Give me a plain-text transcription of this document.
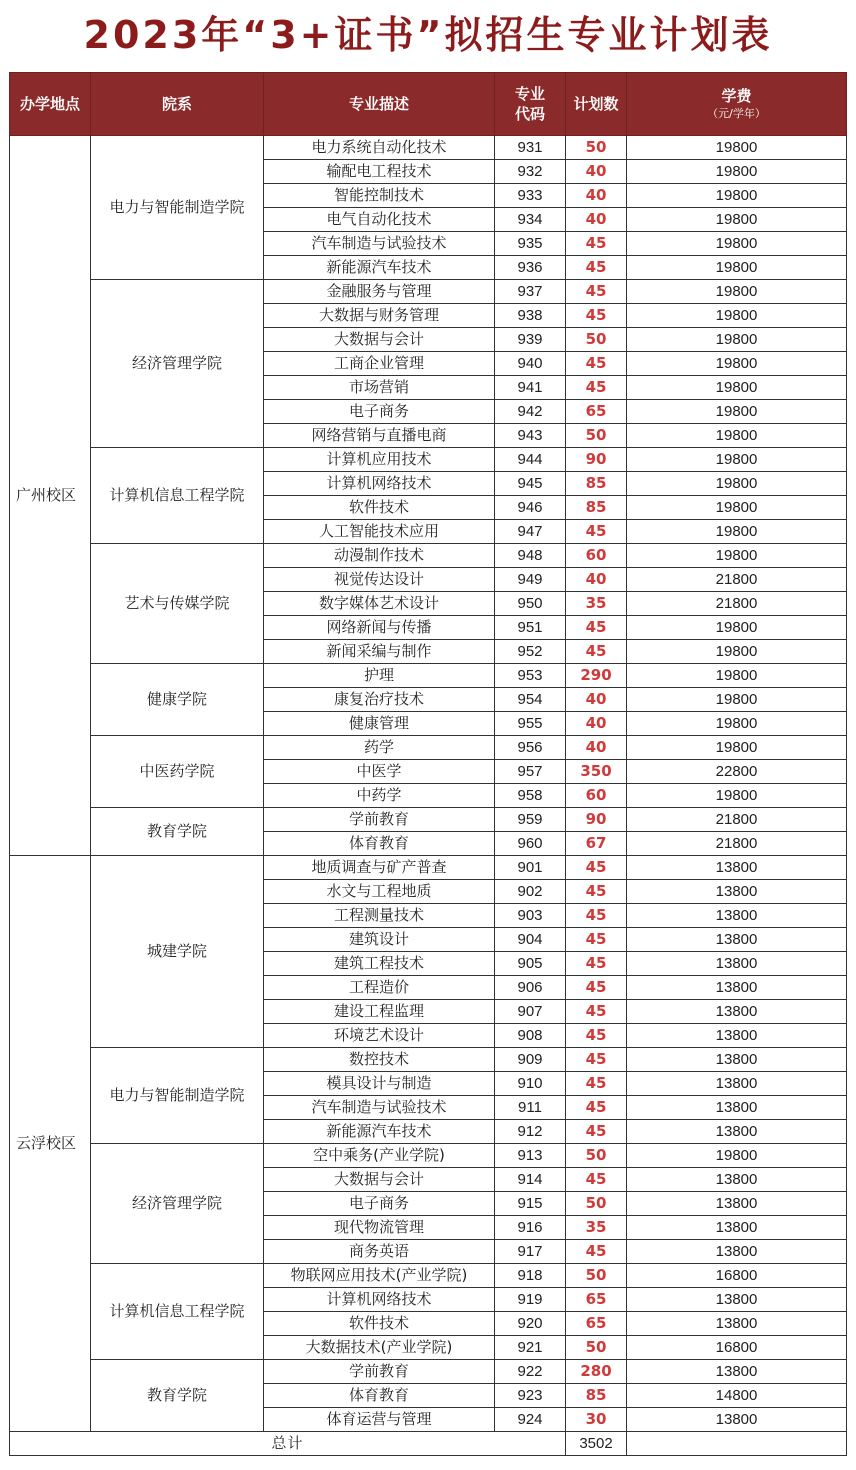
2023年“3+证书”拟招生专业计划表
办学地点	院系	专业描述	专业
代码	计划数	学费
（元/学年）

广州校区	电力与智能制造学院	电力系统自动化技术	931	50	19800
		输配电工程技术	932	40	19800
		智能控制技术	933	40	19800
		电气自动化技术	934	40	19800
		汽车制造与试验技术	935	45	19800
		新能源汽车技术	936	45	19800
	经济管理学院	金融服务与管理	937	45	19800
		大数据与财务管理	938	45	19800
		大数据与会计	939	50	19800
		工商企业管理	940	45	19800
		市场营销	941	45	19800
		电子商务	942	65	19800
		网络营销与直播电商	943	50	19800
	计算机信息工程学院	计算机应用技术	944	90	19800
		计算机网络技术	945	85	19800
		软件技术	946	85	19800
		人工智能技术应用	947	45	19800
	艺术与传媒学院	动漫制作技术	948	60	19800
		视觉传达设计	949	40	21800
		数字媒体艺术设计	950	35	21800
		网络新闻与传播	951	45	19800
		新闻采编与制作	952	45	19800
	健康学院	护理	953	290	19800
		康复治疗技术	954	40	19800
		健康管理	955	40	19800
	中医药学院	药学	956	40	19800
		中医学	957	350	22800
		中药学	958	60	19800
	教育学院	学前教育	959	90	21800
		体育教育	960	67	21800
云浮校区	城建学院	地质调查与矿产普查	901	45	13800
		水文与工程地质	902	45	13800
		工程测量技术	903	45	13800
		建筑设计	904	45	13800
		建筑工程技术	905	45	13800
		工程造价	906	45	13800
		建设工程监理	907	45	13800
		环境艺术设计	908	45	13800
	电力与智能制造学院	数控技术	909	45	13800
		模具设计与制造	910	45	13800
		汽车制造与试验技术	911	45	13800
		新能源汽车技术	912	45	13800
	经济管理学院	空中乘务(产业学院)	913	50	19800
		大数据与会计	914	45	13800
		电子商务	915	50	13800
		现代物流管理	916	35	13800
		商务英语	917	45	13800
	计算机信息工程学院	物联网应用技术(产业学院)	918	50	16800
		计算机网络技术	919	65	13800
		软件技术	920	65	13800
		大数据技术(产业学院)	921	50	16800
	教育学院	学前教育	922	280	13800
		体育教育	923	85	14800
		体育运营与管理	924	30	13800
总计				3502	
